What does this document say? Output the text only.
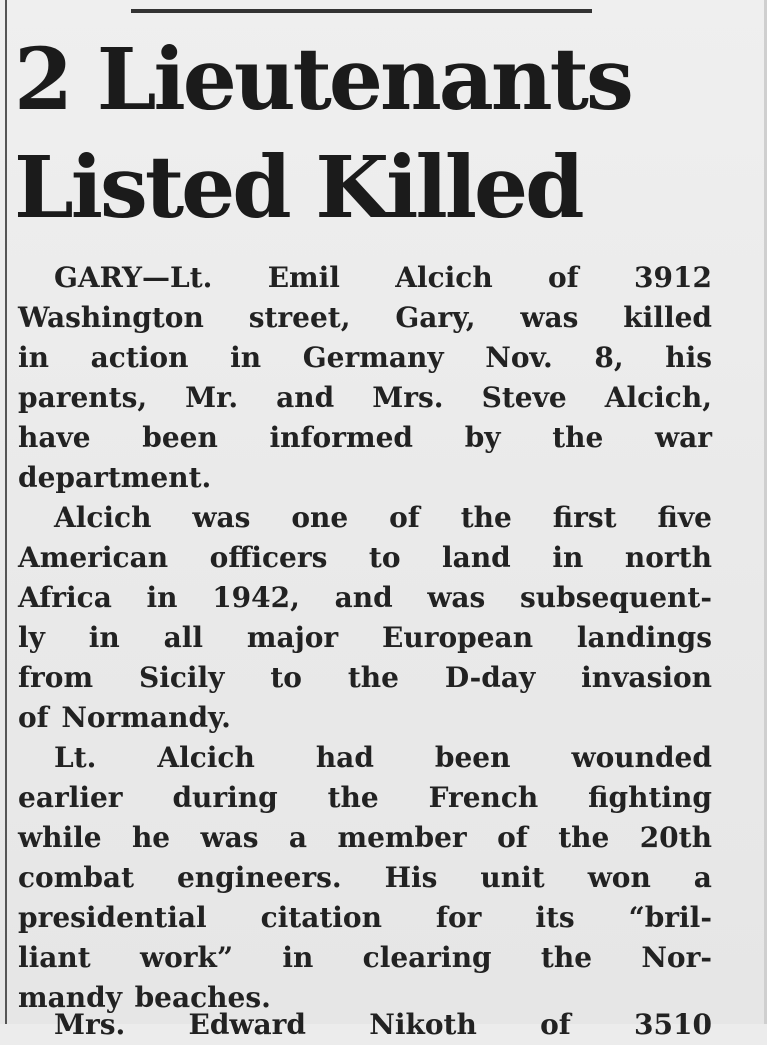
2 Lieutenants
Listed Killed
GARY—Lt. Emil Alcich of 3912
Washington street, Gary, was killed
in action in Germany Nov. 8, his
parents, Mr. and Mrs. Steve Alcich,
have been informed by the war
department.
Alcich was one of the first five
American officers to land in north
Africa in 1942, and was subsequent-
ly in all major European landings
from Sicily to the D-day invasion
of Normandy.
Lt. Alcich had been wounded
earlier during the French fighting
while he was a member of the 20th
combat engineers. His unit won a
presidential citation for its “bril-
liant work” in clearing the Nor-
mandy beaches.
Mrs. Edward Nikoth of 3510
